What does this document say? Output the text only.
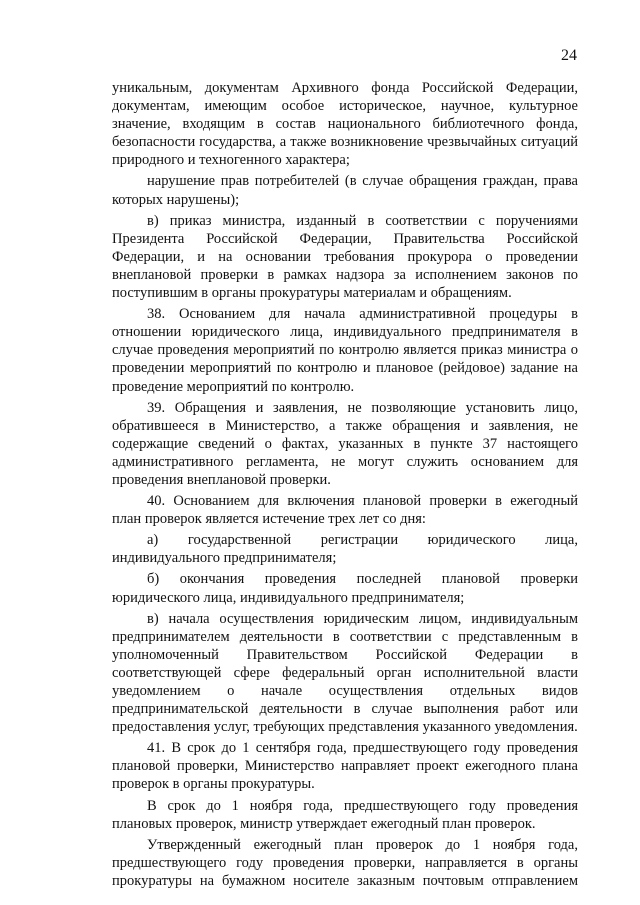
24

уникальным, документам Архивного фонда Российской Федерации, документам, имеющим особое историческое, научное, культурное значение, входящим в состав национального библиотечного фонда, безопасности государства, а также возникновение чрезвычайных ситуаций природного и техногенного характера;

нарушение прав потребителей (в случае обращения граждан, права которых нарушены);

в) приказ министра, изданный в соответствии с поручениями Президента Российской Федерации, Правительства Российской Федерации, и на основании требования прокурора о проведении внеплановой проверки в рамках надзора за исполнением законов по поступившим в органы прокуратуры материалам и обращениям.

38. Основанием для начала административной процедуры в отношении юридического лица, индивидуального предпринимателя в случае проведения мероприятий по контролю является приказ министра о проведении мероприятий по контролю и плановое (рейдовое) задание на проведение мероприятий по контролю.

39. Обращения и заявления, не позволяющие установить лицо, обратившееся в Министерство, а также обращения и заявления, не содержащие сведений о фактах, указанных в пункте 37 настоящего административного регламента, не могут служить основанием для проведения внеплановой проверки.

40. Основанием для включения плановой проверки в ежегодный план проверок является истечение трех лет со дня:

а) государственной регистрации юридического лица, индивидуального предпринимателя;

б) окончания проведения последней плановой проверки юридического лица, индивидуального предпринимателя;

в) начала осуществления юридическим лицом, индивидуальным предпринимателем деятельности в соответствии с представленным в уполномоченный Правительством Российской Федерации в соответствующей сфере федеральный орган исполнительной власти уведомлением о начале осуществления отдельных видов предпринимательской деятельности в случае выполнения работ или предоставления услуг, требующих представления указанного уведомления.

41. В срок до 1 сентября года, предшествующего году проведения плановой проверки, Министерство направляет проект ежегодного плана проверок в органы прокуратуры.

В срок до 1 ноября года, предшествующего году проведения плановых проверок, министр утверждает ежегодный план проверок.

Утвержденный ежегодный план проверок до 1 ноября года, предшествующего году проведения проверки, направляется в органы прокуратуры на бумажном носителе заказным почтовым отправлением
